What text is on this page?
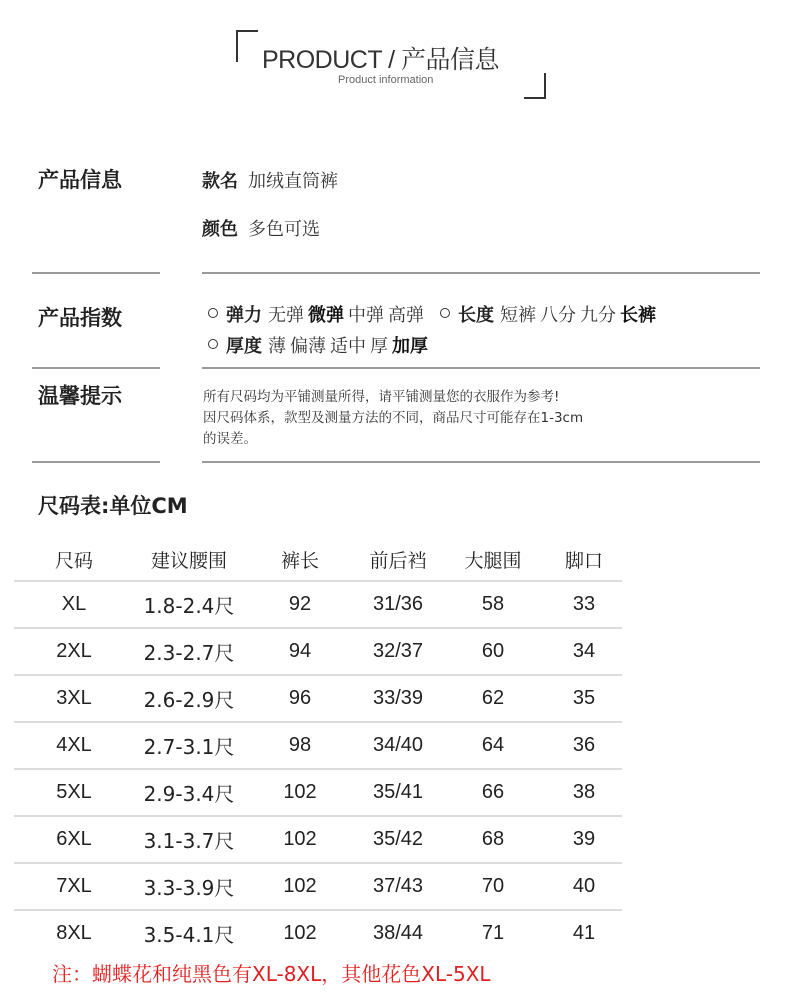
PRODUCT / 产品信息
Product information
产品信息	款名 加绒直筒裤
颜色 多色可选
产品指数	弹力 无弹 微弹 中弹 高弹 长度 短裤 八分 九分 长裤
厚度 薄 偏薄 适中 厚 加厚
温馨提示	所有尺码均为平铺测量所得，请平铺测量您的衣服作为参考!
因尺码体系，款型及测量方法的不同，商品尺寸可能存在1-3cm
的误差。
尺码表:单位CM
尺码	建议腰围	裤长	前后裆	大腿围	脚口
XL	1.8-2.4尺	92	31/36	58	33
2XL	2.3-2.7尺	94	32/37	60	34
3XL	2.6-2.9尺	96	33/39	62	35
4XL	2.7-3.1尺	98	34/40	64	36
5XL	2.9-3.4尺	102	35/41	66	38
6XL	3.1-3.7尺	102	35/42	68	39
7XL	3.3-3.9尺	102	37/43	70	40
8XL	3.5-4.1尺	102	38/44	71	41
注：蝴蝶花和纯黑色有XL-8XL，其他花色XL-5XL
